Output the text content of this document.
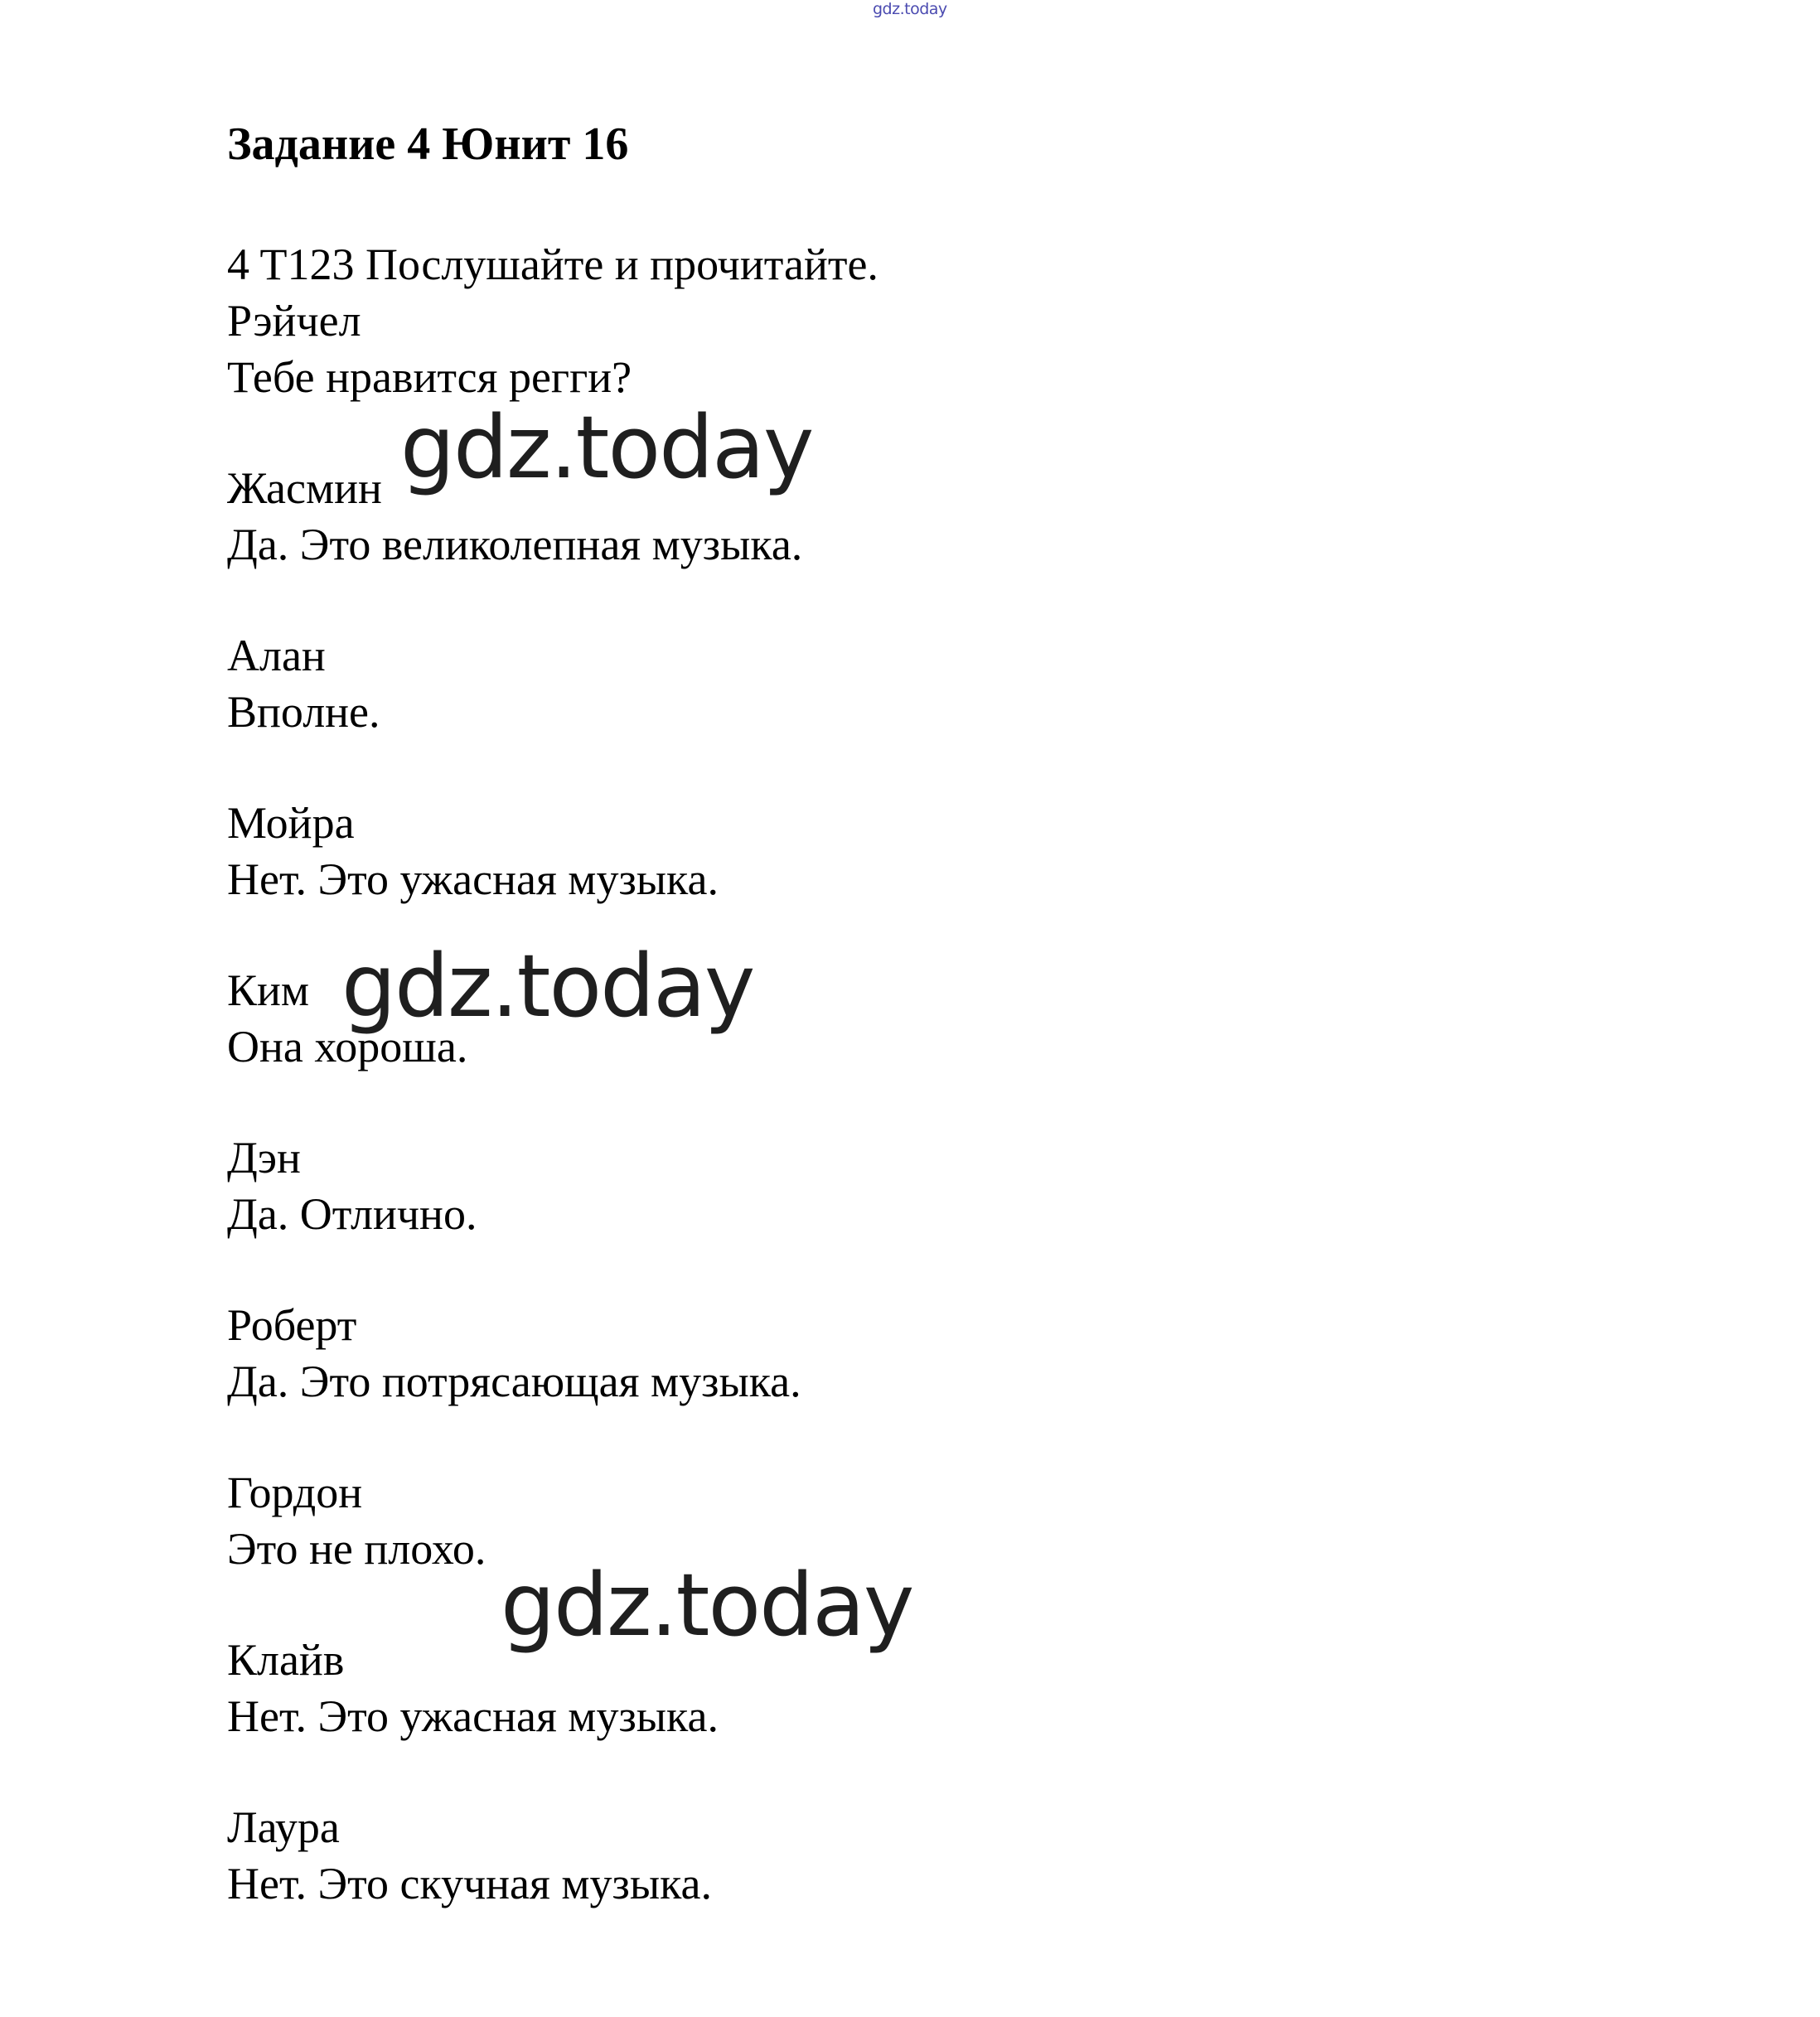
gdz.today
Задание 4 Юнит 16
4 T123 Послушайте и прочитайте.
Рэйчел
Тебе нравится регги?
Жасмин
Да. Это великолепная музыка.
Алан
Вполне.
Мойра
Нет. Это ужасная музыка.
Ким
Она хороша.
Дэн
Да. Отлично.
Роберт
Да. Это потрясающая музыка.
Гордон
Это не плохо.
Клайв
Нет. Это ужасная музыка.
Лаура
Нет. Это скучная музыка.
gdz.today
gdz.today
gdz.today
